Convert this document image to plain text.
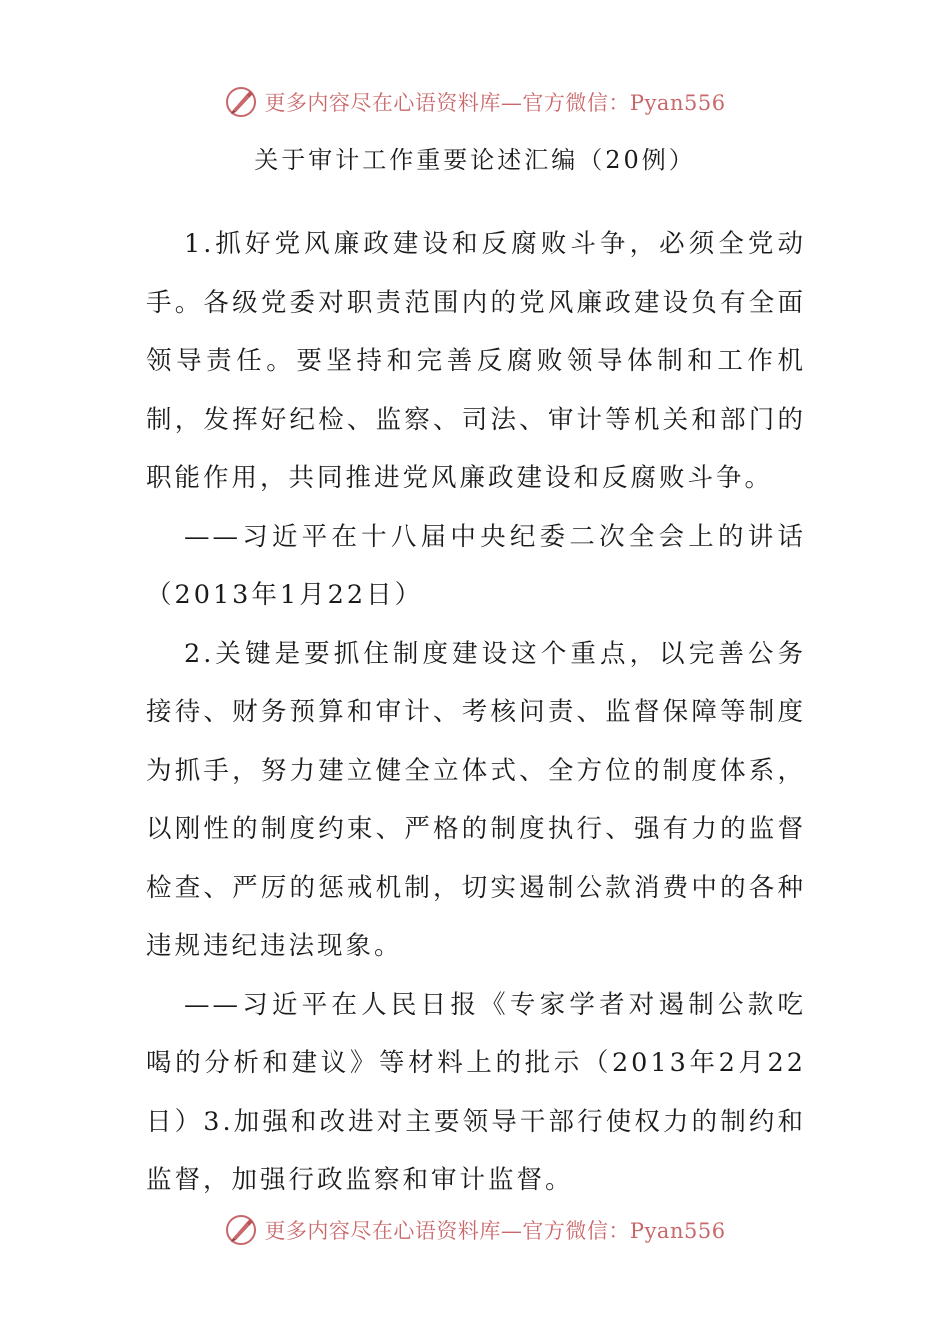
更多内容尽在心语资料库—官方微信：Pyan556
关于审计工作重要论述汇编（20例）

1.抓好党风廉政建设和反腐败斗争，必须全党动手。各级党委对职责范围内的党风廉政建设负有全面领导责任。要坚持和完善反腐败领导体制和工作机制，发挥好纪检、监察、司法、审计等机关和部门的职能作用，共同推进党风廉政建设和反腐败斗争。

——习近平在十八届中央纪委二次全会上的讲话（2013年1月22日）

2.关键是要抓住制度建设这个重点，以完善公务接待、财务预算和审计、考核问责、监督保障等制度为抓手，努力建立健全立体式、全方位的制度体系，以刚性的制度约束、严格的制度执行、强有力的监督检查、严厉的惩戒机制，切实遏制公款消费中的各种违规违纪违法现象。

——习近平在人民日报《专家学者对遏制公款吃喝的分析和建议》等材料上的批示（2013年2月22日）3.加强和改进对主要领导干部行使权力的制约和监督，加强行政监察和审计监督。

更多内容尽在心语资料库—官方微信：Pyan556
